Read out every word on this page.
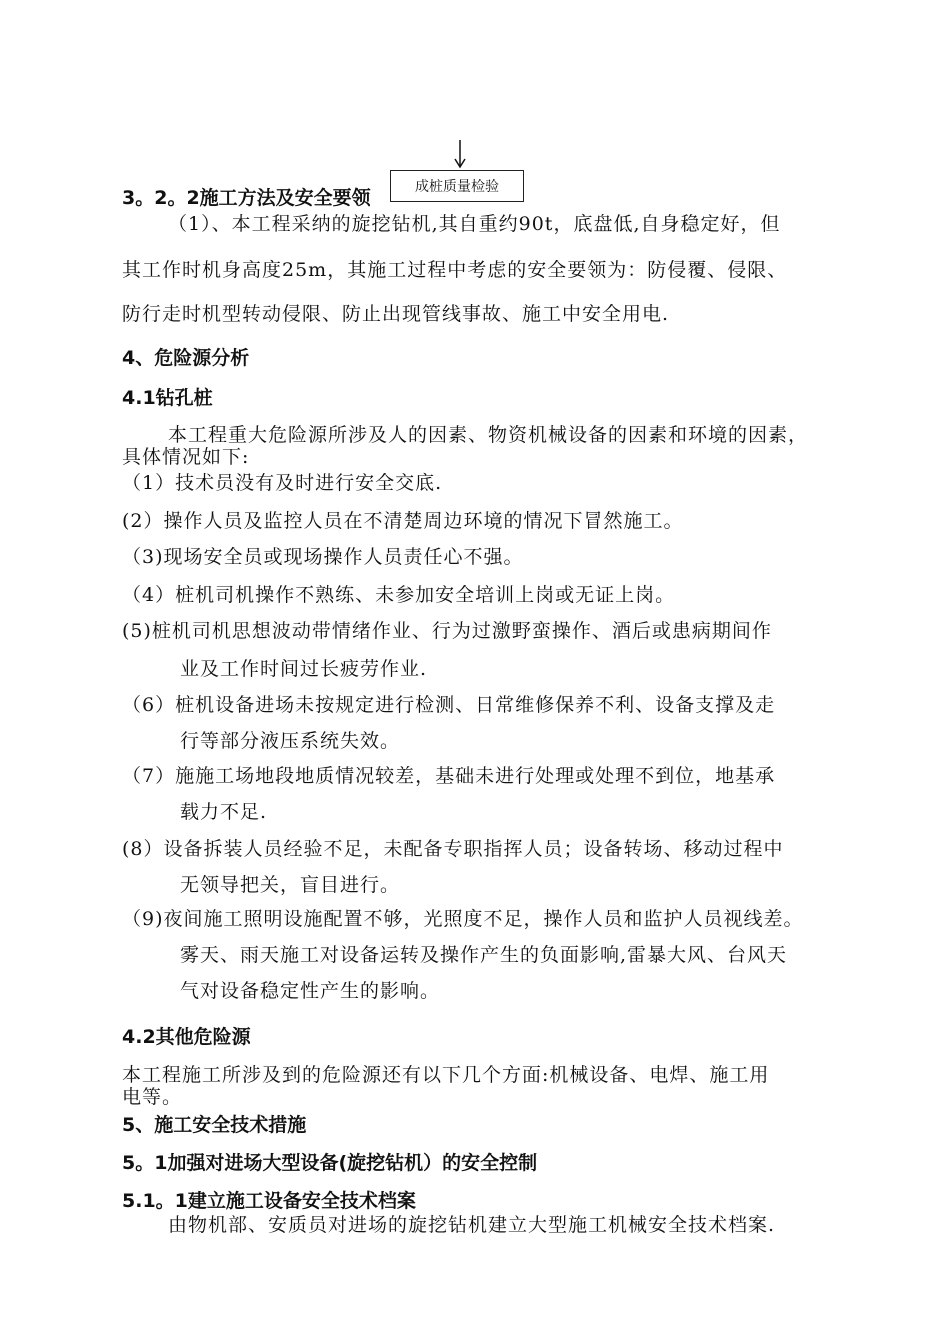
成桩质量检验
3。2。2施工方法及安全要领
（1）、本工程采纳的旋挖钻机,其自重约90t，底盘低,自身稳定好，但
其工作时机身高度25m，其施工过程中考虑的安全要领为：防侵覆、侵限、
防行走时机型转动侵限、防止出现管线事故、施工中安全用电.
4、危险源分析
4.1钻孔桩
本工程重大危险源所涉及人的因素、物资机械设备的因素和环境的因素，
具体情况如下:
（1）技术员没有及时进行安全交底.
(2）操作人员及监控人员在不清楚周边环境的情况下冒然施工。
（3)现场安全员或现场操作人员责任心不强。
（4）桩机司机操作不熟练、未参加安全培训上岗或无证上岗。
(5)桩机司机思想波动带情绪作业、行为过激野蛮操作、酒后或患病期间作
业及工作时间过长疲劳作业.
（6）桩机设备进场未按规定进行检测、日常维修保养不利、设备支撑及走
行等部分液压系统失效。
（7）施施工场地段地质情况较差，基础未进行处理或处理不到位，地基承
载力不足.
(8）设备拆装人员经验不足，未配备专职指挥人员；设备转场、移动过程中
无领导把关，盲目进行。
（9)夜间施工照明设施配置不够，光照度不足，操作人员和监护人员视线差。
雾天、雨天施工对设备运转及操作产生的负面影响,雷暴大风、台风天
气对设备稳定性产生的影响。
4.2其他危险源
本工程施工所涉及到的危险源还有以下几个方面:机械设备、电焊、施工用
电等。
5、施工安全技术措施
5。1加强对进场大型设备(旋挖钻机）的安全控制
5.1。1建立施工设备安全技术档案
由物机部、安质员对进场的旋挖钻机建立大型施工机械安全技术档案.
